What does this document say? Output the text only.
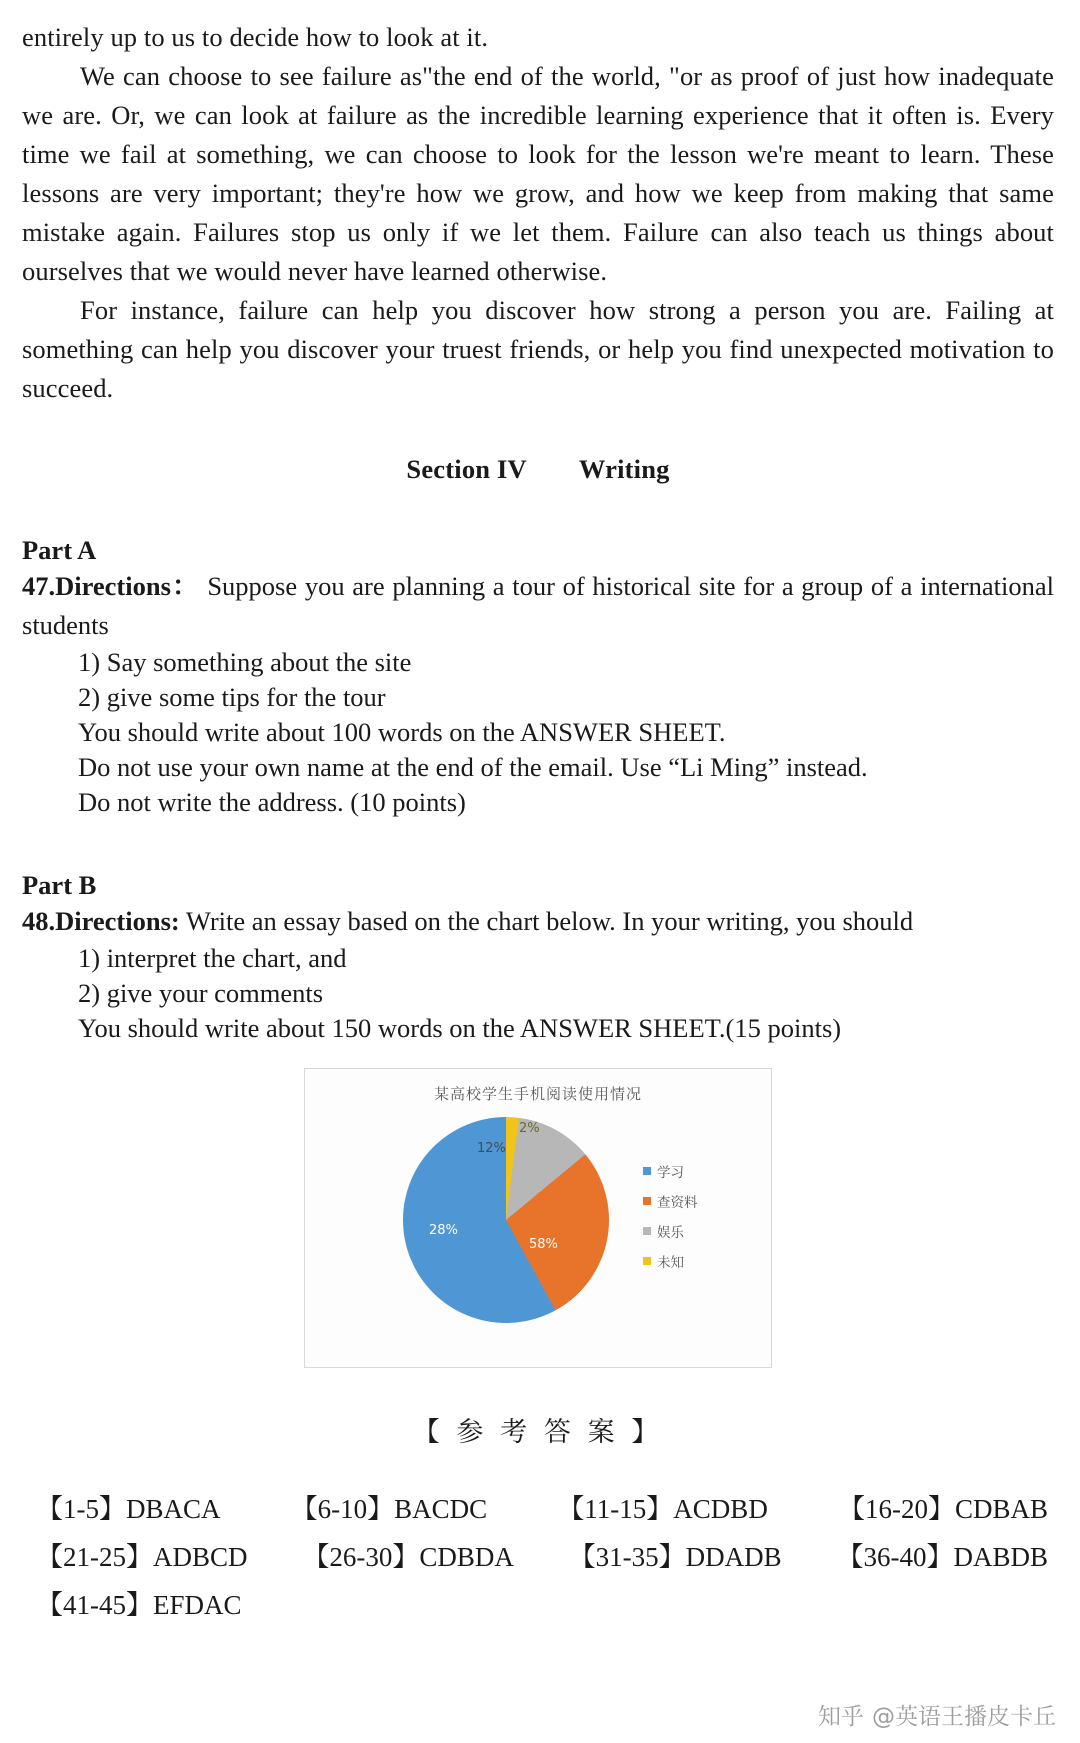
entirely up to us to decide how to look at it.

We can choose to see failure as"the end of the world, "or as proof of just how inadequate we are. Or, we can look at failure as the incredible learning experience that it often is. Every time we fail at something, we can choose to look for the lesson we're meant to learn. These lessons are very important; they're how we grow, and how we keep from making that same mistake again. Failures stop us only if we let them. Failure can also teach us things about ourselves that we would never have learned otherwise.

For instance, failure can help you discover how strong a person you are. Failing at something can help you discover your truest friends, or help you find unexpected motivation to succeed.

Section IV Writing
Part A

47.Directions： Suppose you are planning a tour of historical site for a group of a international students

1) Say something about the site
2) give some tips for the tour
You should write about 100 words on the ANSWER SHEET.
Do not use your own name at the end of the email. Use “Li Ming” instead.
Do not write the address. (10 points)
Part B

48.Directions: Write an essay based on the chart below. In your writing, you should

1) interpret the chart, and
2) give your comments
You should write about 150 words on the ANSWER SHEET.(15 points)
某高校学生手机阅读使用情况
58%
28%
12%
2%
学习
查资料
娱乐
未知
【 参 考 答 案 】
【1-5】DBACA	【6-10】BACDC	【11-15】ACDBD	【16-20】CDBAB
【21-25】ADBCD 【26-30】CDBDA 【31-35】DDADB 【36-40】DABDB
【41-45】EFDAC
知乎 @英语王播皮卡丘
